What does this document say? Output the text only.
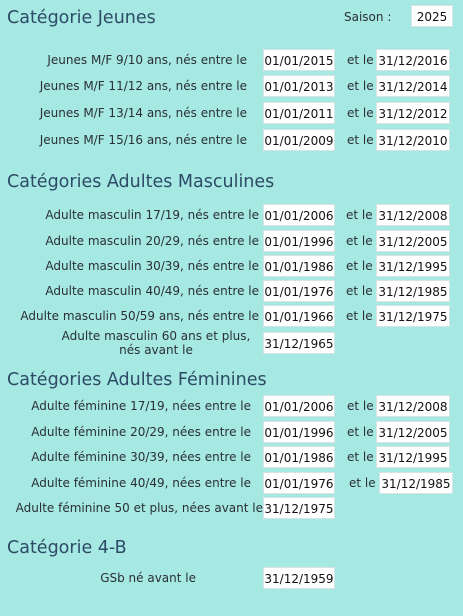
Catégorie Jeunes	Saison :	2025
Jeunes M/F 9/10 ans, nés entre le 01/01/2015 et le 31/12/2016
Jeunes M/F 11/12 ans, nés entre le 01/01/2013 et le 31/12/2014
Jeunes M/F 13/14 ans, nés entre le 01/01/2011 et le 31/12/2012
Jeunes M/F 15/16 ans, nés entre le 01/01/2009 et le 31/12/2010
Catégories Adultes Masculines
Adulte masculin 17/19, nés entre le 01/01/2006 et le 31/12/2008
Adulte masculin 20/29, nés entre le 01/01/1996 et le 31/12/2005
Adulte masculin 30/39, nés entre le 01/01/1986 et le 31/12/1995
Adulte masculin 40/49, nés entre le 01/01/1976 et le 31/12/1985
Adulte masculin 50/59 ans, nés entre le 01/01/1966 et le 31/12/1975
Adulte masculin 60 ans et plus, nés avant le	31/12/1965
Catégories Adultes Féminines
Adulte féminine 17/19, nées entre le 01/01/2006 et le 31/12/2008
Adulte féminine 20/29, nées entre le 01/01/1996 et le 31/12/2005
Adulte féminine 30/39, nées entre le 01/01/1986 et le 31/12/1995
Adulte féminine 40/49, nées entre le 01/01/1976 et le 31/12/1985
Adulte féminine 50 et plus, nées avant le 31/12/1975
Catégorie 4-B
GSb né avant le	31/12/1959
